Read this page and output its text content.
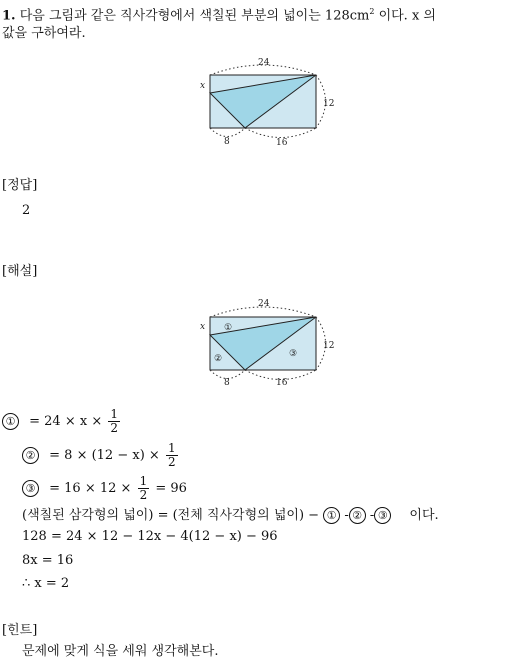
1. 다음 그림과 같은 직사각형에서 색칠된 부분의 넓이는 $128cm^2$ 이다. x 의
값을 구하여라.
24
x
12
8	16
[정답]
2
[해설]
24
x
12
8	16
①
②	③
① = $24 \times x \times \frac{1}{2}$
② = $8 \times (12 - x) \times \frac{1}{2}$
③ = $16 \times 12 \times \frac{1}{2} = 96$
(색칠된 삼각형의 넓이) = (전체 직사각형의 넓이) − ① - ② - ③ 이다.
128 = 24 × 12 − 12x − 4(12 − x) − 96
8x = 16
∴ x = 2
[힌트]
문제에 맞게 식을 세워 생각해본다.
